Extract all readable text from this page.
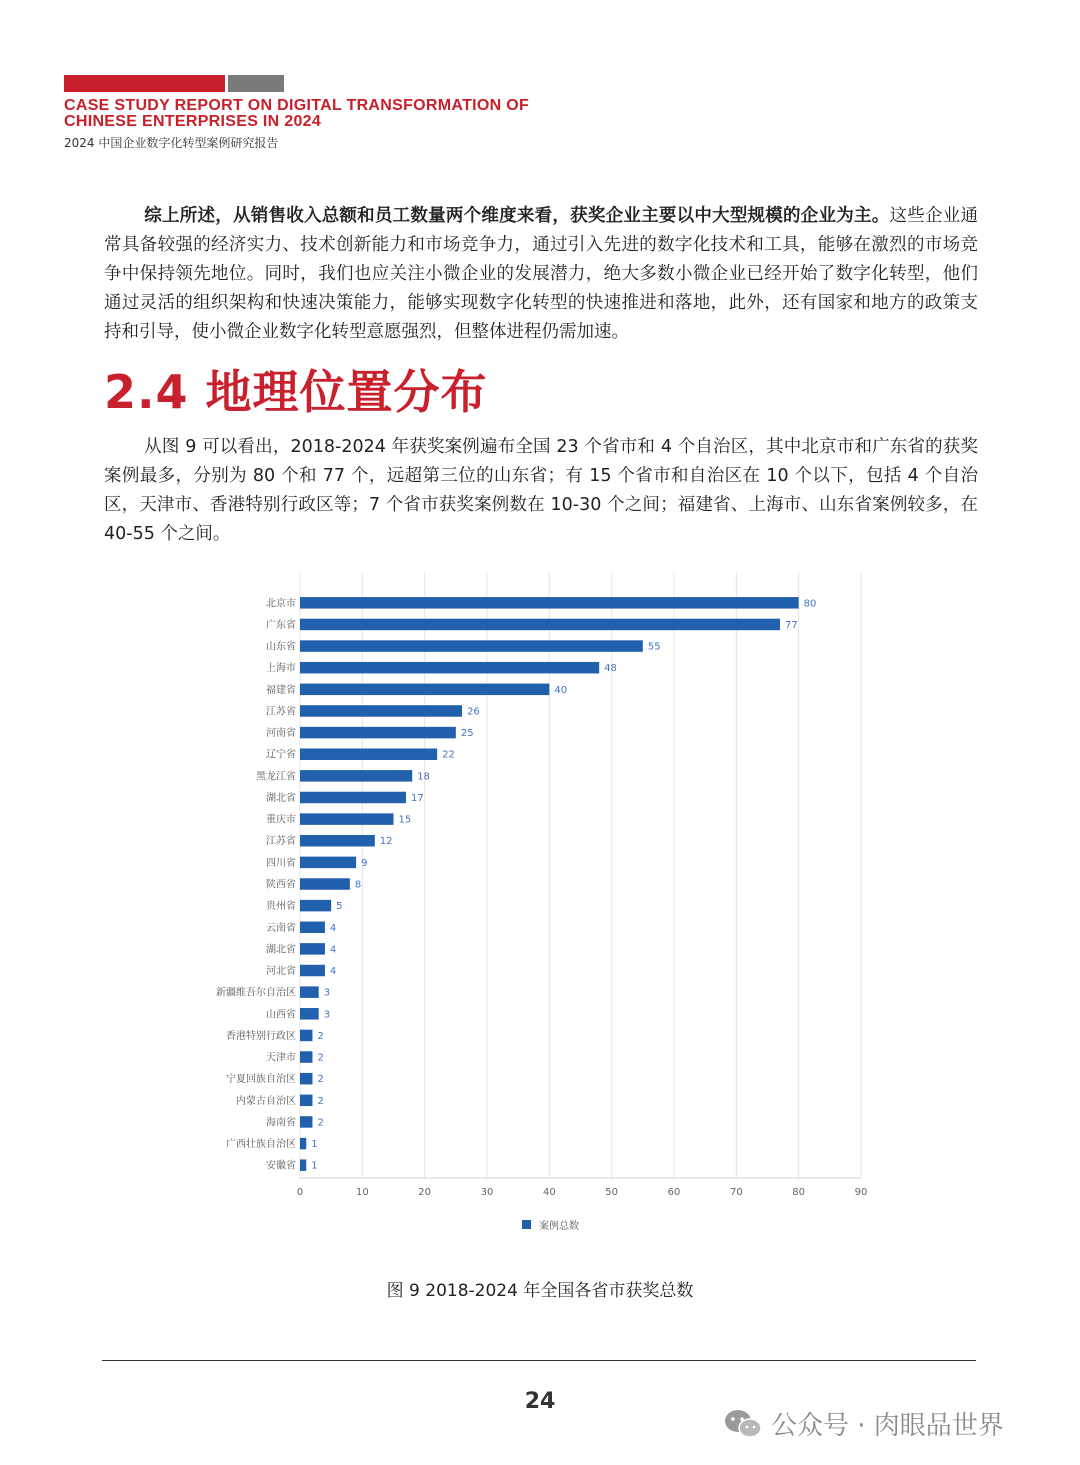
CASE STUDY REPORT ON DIGITAL TRANSFORMATION OF CHINESE ENTERPRISES IN 2024
2024 中国企业数字化转型案例研究报告

综上所述，从销售收入总额和员工数量两个维度来看，获奖企业主要以中大型规模的企业为主。这些企业通常具备较强的经济实力、技术创新能力和市场竞争力，通过引入先进的数字化技术和工具，能够在激烈的市场竞争中保持领先地位。同时，我们也应关注小微企业的发展潜力，绝大多数小微企业已经开始了数字化转型，他们通过灵活的组织架构和快速决策能力，能够实现数字化转型的快速推进和落地，此外，还有国家和地方的政策支持和引导，使小微企业数字化转型意愿强烈，但整体进程仍需加速。

2.4 地理位置分布

从图 9 可以看出，2018-2024 年获奖案例遍布全国 23 个省市和 4 个自治区，其中北京市和广东省的获奖案例最多，分别为 80 个和 77 个，远超第三位的山东省；有 15 个省市和自治区在 10 个以下，包括 4 个自治区，天津市、香港特别行政区等；7 个省市获奖案例数在 10-30 个之间；福建省、上海市、山东省案例较多，在 40-55 个之间。

北京市	80
广东省	77
山东省	55
上海市	48
福建省	40
江苏省	26
河南省	25
辽宁省	22
黑龙江省	18
湖北省	17
重庆市	15
江苏省	12
四川省	9
陕西省	8
贵州省	5
云南省	4
湖北省	4
河北省	4
新疆维吾尔自治区	3
山西省	3
香港特别行政区 2
天津市 2
宁夏回族自治区 2
内蒙古自治区 2
海南省 2
广西壮族自治区 1
安徽省 1
0	10	20	30	40	50	60	70	80	90
案例总数
图 9 2018-2024 年全国各省市获奖总数
24
公众号 · 肉眼品世界
